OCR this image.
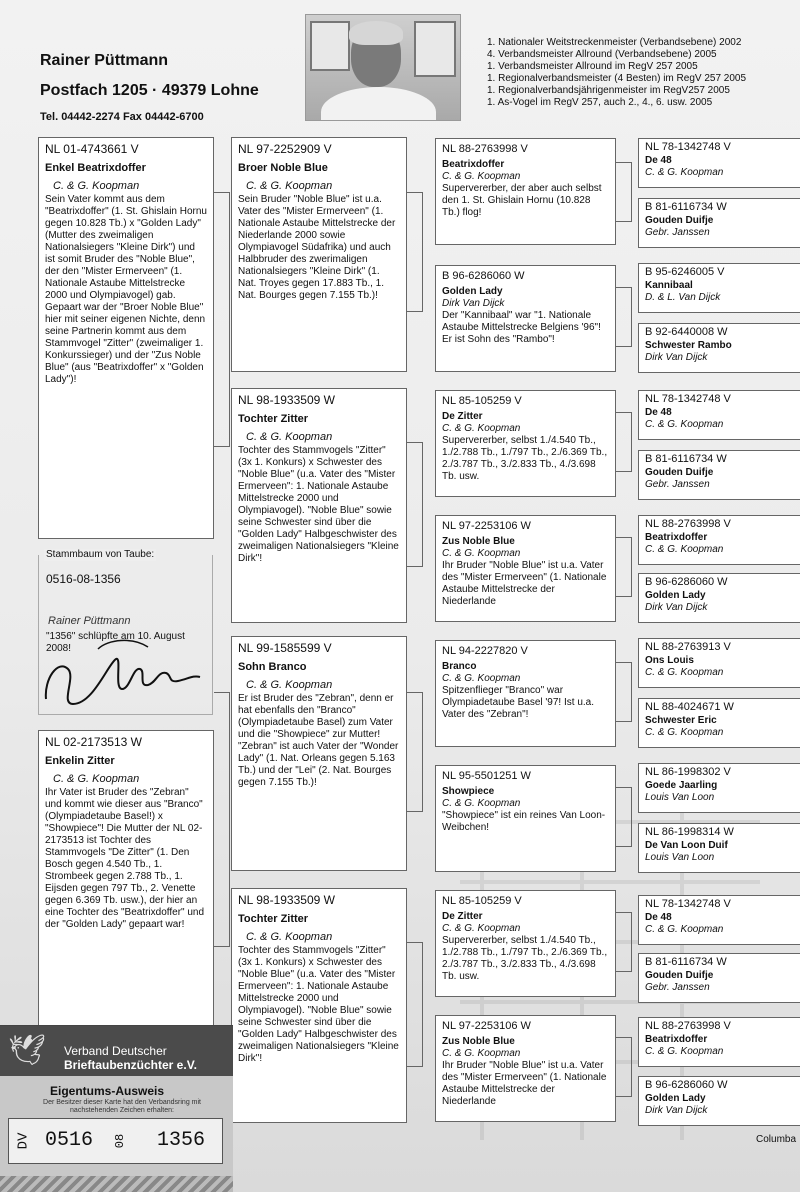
Rainer Püttmann
Postfach 1205 · 49379 Lohne
Tel. 04442-2274 Fax 04442-6700
1. Nationaler Weitstreckenmeister (Verbandsebene) 2002
4. Verbandsmeister Allround (Verbandsebene) 2005
1. Verbandsmeister Allround im RegV 257 2005
1. Regionalverbandsmeister (4 Besten) im RegV 257 2005
1. Regionalverbandsjährigenmeister im RegV257 2005
1. As-Vogel im RegV 257, auch 2., 4., 6. usw. 2005
NL 01-4743661 V
Enkel Beatrixdoffer
C. & G. Koopman
Sein Vater kommt aus dem "Beatrixdoffer" (1. St. Ghislain Hornu gegen 10.828 Tb.) x "Golden Lady" (Mutter des zweimaligen Nationalsiegers "Kleine Dirk") und ist somit Bruder des "Noble Blue", der den "Mister Ermerveen" (1. Nationale Astaube Mittelstrecke 2000 und Olympiavogel) gab. Gepaart war der "Broer Noble Blue" hier mit seiner eigenen Nichte, denn seine Partnerin kommt aus dem Stammvogel "Zitter" (zweimaliger 1. Konkurssieger) und der "Zus Noble Blue" (aus "Beatrixdoffer" x "Golden Lady")!
NL 02-2173513 W
Enkelin Zitter
C. & G. Koopman
Ihr Vater ist Bruder des "Zebran" und kommt wie dieser aus "Branco" (Olympiadetaube Basel!) x "Showpiece"! Die Mutter der NL 02-2173513 ist Tochter des Stammvogels "De Zitter" (1. Den Bosch gegen 4.540 Tb., 1. Strombeek gegen 2.788 Tb., 1. Eijsden gegen 797 Tb., 2. Venette gegen 6.369 Tb. usw.), der hier an eine Tochter des "Beatrixdoffer" und der "Golden Lady" gepaart war!
NL 97-2252909 V
Broer Noble Blue
C. & G. Koopman
Sein Bruder "Noble Blue" ist u.a. Vater des "Mister Ermerveen" (1. Nationale Astaube Mittelstrecke der Niederlande 2000 sowie Olympiavogel Südafrika) und auch Halbbruder des zwerimaligen Nationalsiegers "Kleine Dirk" (1. Nat. Troyes gegen 17.883 Tb., 1. Nat. Bourges gegen 7.155 Tb.)!
NL 98-1933509 W
Tochter Zitter
C. & G. Koopman
Tochter des Stammvogels "Zitter" (3x 1. Konkurs) x Schwester des "Noble Blue" (u.a. Vater des "Mister Ermerveen": 1. Nationale Astaube Mittelstrecke 2000 und Olympiavogel). "Noble Blue" sowie seine Schwester sind über die "Golden Lady" Halbgeschwister des zweimaligen Nationalsiegers "Kleine Dirk"!
NL 99-1585599 V
Sohn Branco
C. & G. Koopman
Er ist Bruder des "Zebran", denn er hat ebenfalls den "Branco" (Olympiadetaube Basel) zum Vater und die "Showpiece" zur Mutter! "Zebran" ist auch Vater der "Wonder Lady" (1. Nat. Orleans gegen 5.163 Tb.) und der "Lei" (2. Nat. Bourges gegen 7.155 Tb.)!
NL 98-1933509 W
Tochter Zitter
C. & G. Koopman
Tochter des Stammvogels "Zitter" (3x 1. Konkurs) x Schwester des "Noble Blue" (u.a. Vater des "Mister Ermerveen": 1. Nationale Astaube Mittelstrecke 2000 und Olympiavogel). "Noble Blue" sowie seine Schwester sind über die "Golden Lady" Halbgeschwister des zweimaligen Nationalsiegers "Kleine Dirk"!
NL 88-2763998 V
Beatrixdoffer
C. & G. Koopman
Supervererber, der aber auch selbst den 1. St. Ghislain Hornu (10.828 Tb.) flog!
B 96-6286060 W
Golden Lady
Dirk Van Dijck
Der "Kannibaal" war "1. Nationale Astaube Mittelstrecke Belgiens '96"! Er ist Sohn des "Rambo"!
NL 85-105259 V
De Zitter
C. & G. Koopman
Supervererber, selbst 1./4.540 Tb., 1./2.788 Tb., 1./797 Tb., 2./6.369 Tb., 2./3.787 Tb., 3./2.833 Tb., 4./3.698 Tb. usw.
NL 97-2253106 W
Zus Noble Blue
C. & G. Koopman
Ihr Bruder "Noble Blue" ist u.a. Vater des "Mister Ermerveen" (1. Nationale Astaube Mittelstrecke der Niederlande
NL 94-2227820 V
Branco
C. & G. Koopman
Spitzenflieger "Branco" war Olympiadetaube Basel '97! Ist u.a. Vater des "Zebran"!
NL 95-5501251 W
Showpiece
C. & G. Koopman
"Showpiece" ist ein reines Van Loon-Weibchen!
NL 85-105259 V
De Zitter
C. & G. Koopman
Supervererber, selbst 1./4.540 Tb., 1./2.788 Tb., 1./797 Tb., 2./6.369 Tb., 2./3.787 Tb., 3./2.833 Tb., 4./3.698 Tb. usw.
NL 97-2253106 W
Zus Noble Blue
C. & G. Koopman
Ihr Bruder "Noble Blue" ist u.a. Vater des "Mister Ermerveen" (1. Nationale Astaube Mittelstrecke der Niederlande
NL 78-1342748 V
De 48
C. & G. Koopman
B 81-6116734 W
Gouden Duifje
Gebr. Janssen
B 95-6246005 V
Kannibaal
D. & L. Van Dijck
B 92-6440008 W
Schwester Rambo
Dirk Van Dijck
NL 78-1342748 V
De 48
C. & G. Koopman
B 81-6116734 W
Gouden Duifje
Gebr. Janssen
NL 88-2763998 V
Beatrixdoffer
C. & G. Koopman
B 96-6286060 W
Golden Lady
Dirk Van Dijck
NL 88-2763913 V
Ons Louis
C. & G. Koopman
NL 88-4024671 W
Schwester Eric
C. & G. Koopman
NL 86-1998302 V
Goede Jaarling
Louis Van Loon
NL 86-1998314 W
De Van Loon Duif
Louis Van Loon
NL 78-1342748 V
De 48
C. & G. Koopman
B 81-6116734 W
Gouden Duifje
Gebr. Janssen
NL 88-2763998 V
Beatrixdoffer
C. & G. Koopman
B 96-6286060 W
Golden Lady
Dirk Van Dijck
Stammbaum von Taube:
0516-08-1356
Rainer Püttmann
"1356" schlüpfte am 10. August 2008!
🕊 Verband Deutscher
Brieftaubenzüchter e.V.
Eigentums-Ausweis
Der Besitzer dieser Karte hat den Verbandsring mit nachstehenden Zeichen erhalten:
DV 0516 08 1356	Columba
